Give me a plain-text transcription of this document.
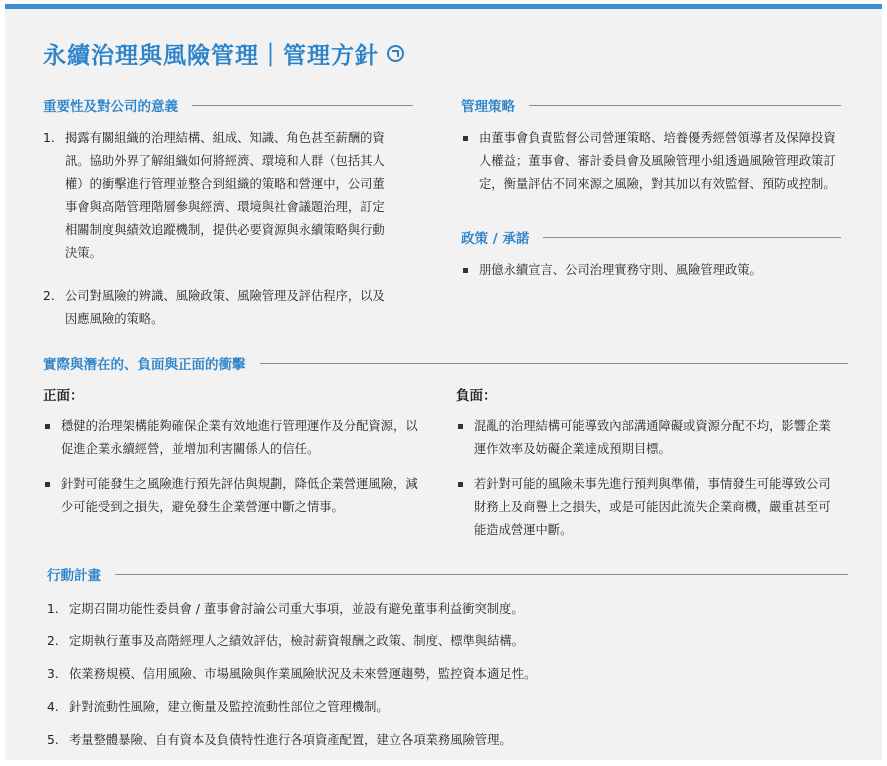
永續治理與風險管理｜管理方針
重要性及對公司的意義
1. 揭露有關組織的治理結構、組成、知識、角色甚至薪酬的資訊。協助外界了解組織如何將經濟、環境和人群（包括其人權）的衝擊進行管理並整合到組織的策略和營運中，公司董事會與高階管理階層參與經濟、環境與社會議題治理，訂定相關制度與績效追蹤機制，提供必要資源與永續策略與行動決策。
2. 公司對風險的辨識、風險政策、風險管理及評估程序，以及因應風險的策略。
管理策略
由董事會負責監督公司營運策略、培養優秀經營領導者及保障投資人權益；董事會、審計委員會及風險管理小組透過風險管理政策訂定，衡量評估不同來源之風險，對其加以有效監督、預防或控制。
政策 / 承諾
朋億永續宣言、公司治理實務守則、風險管理政策。
實際與潛在的、負面與正面的衝擊
正面：
穩健的治理架構能夠確保企業有效地進行管理運作及分配資源，以促進企業永續經營，並增加利害關係人的信任。
針對可能發生之風險進行預先評估與規劃，降低企業營運風險，減少可能受到之損失，避免發生企業營運中斷之情事。
負面：
混亂的治理結構可能導致內部溝通障礙或資源分配不均，影響企業運作效率及妨礙企業達成預期目標。
若針對可能的風險未事先進行預判與準備，事情發生可能導致公司財務上及商譽上之損失，或是可能因此流失企業商機，嚴重甚至可能造成營運中斷。
行動計畫
1. 定期召開功能性委員會 / 董事會討論公司重大事項，並設有避免董事利益衝突制度。
2. 定期執行董事及高階經理人之績效評估，檢討薪資報酬之政策、制度、標準與結構。
3. 依業務規模、信用風險、市場風險與作業風險狀況及未來營運趨勢，監控資本適足性。
4. 針對流動性風險，建立衡量及監控流動性部位之管理機制。
5. 考量整體暴險、自有資本及負債特性進行各項資產配置，建立各項業務風險管理。
